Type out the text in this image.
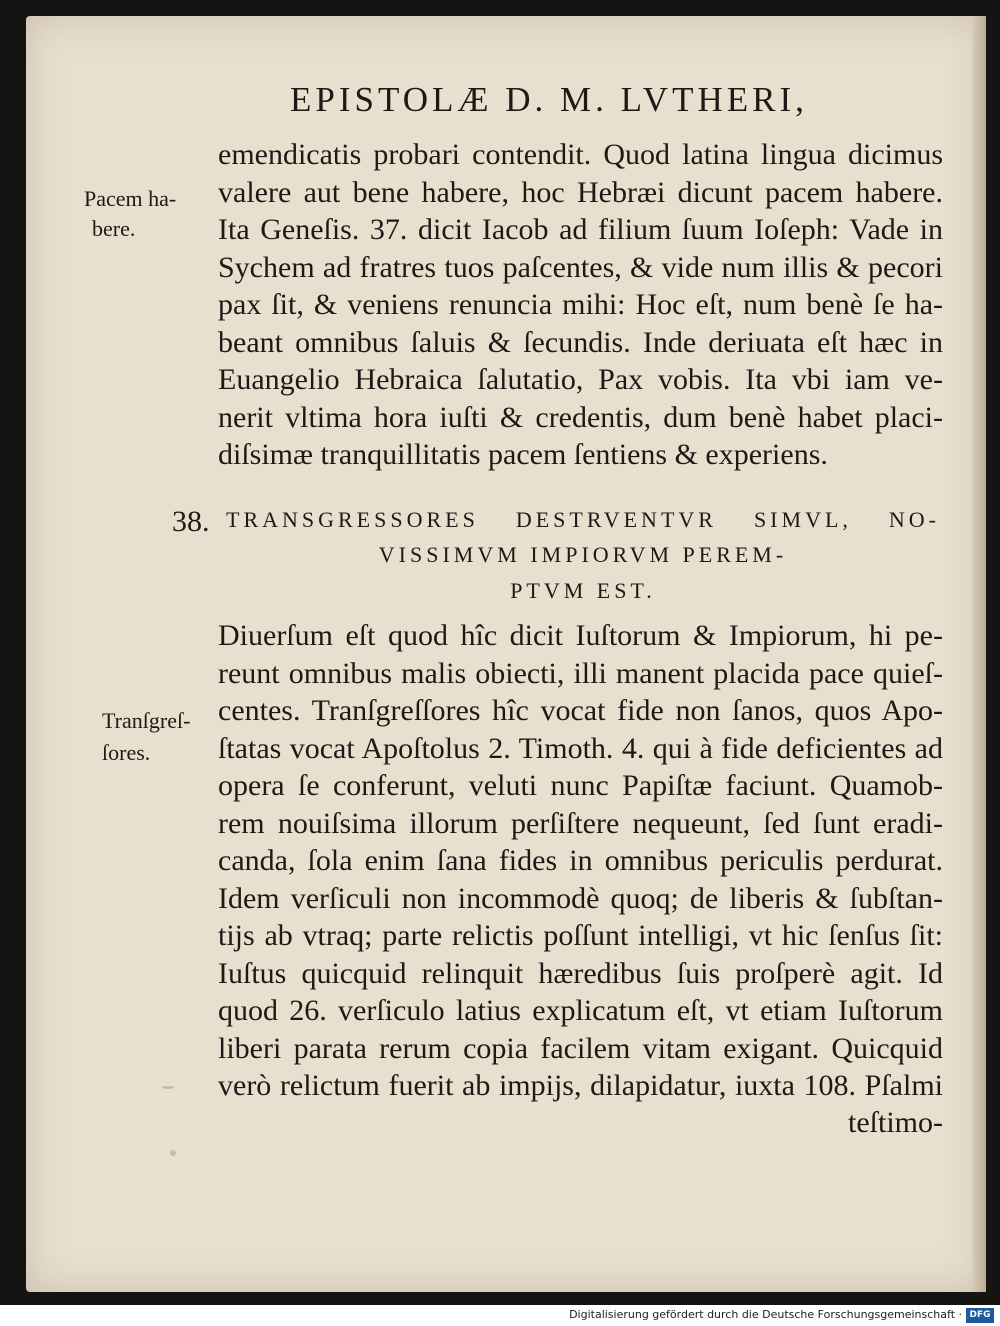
EPISTOLÆ D. M. LVTHERI,
emendicatis probari contendit. Quod latina lingua dicimus
valere aut bene habere, hoc Hebræi dicunt pacem habere.
Ita Geneſis. 37. dicit Iacob ad filium ſuum Ioſeph: Vade in
Sychem ad fratres tuos paſcentes, & vide num illis & pecori
pax ſit, & veniens renuncia mihi: Hoc eſt, num benè ſe ha-
beant omnibus ſaluis & ſecundis. Inde deriuata eſt hæc in
Euangelio Hebraica ſalutatio, Pax vobis. Ita vbi iam ve-
nerit vltima hora iuſti & credentis, dum benè habet placi-
diſsimæ tranquillitatis pacem ſentiens & experiens.
Pacem ha-
bere.
Tranſgreſ-
ſores.
38. TRANSGRESSORES DESTRVENTVR SIMVL, NO-
VISSIMVM IMPIORVM PEREM-
PTVM EST.
Diuerſum eſt quod hîc dicit Iuſtorum & Impiorum, hi pe-
reunt omnibus malis obiecti, illi manent placida pace quieſ-
centes. Tranſgreſſores hîc vocat fide non ſanos, quos Apo-
ſtatas vocat Apoſtolus 2. Timoth. 4. qui à fide deficientes ad
opera ſe conferunt, veluti nunc Papiſtæ faciunt. Quamob-
rem nouiſsima illorum perſiſtere nequeunt, ſed ſunt eradi-
canda, ſola enim ſana fides in omnibus periculis perdurat.
Idem verſiculi non incommodè quoq; de liberis & ſubſtan-
tijs ab vtraq; parte relictis poſſunt intelligi, vt hic ſenſus ſit:
Iuſtus quicquid relinquit hæredibus ſuis proſperè agit. Id
quod 26. verſiculo latius explicatum eſt, vt etiam Iuſtorum
liberi parata rerum copia facilem vitam exigant. Quicquid
verò relictum fuerit ab impijs, dilapidatur, iuxta 108. Pſalmi
teſtimo-
Digitalisierung gefördert durch die Deutsche Forschungsgemeinschaft · DFG
